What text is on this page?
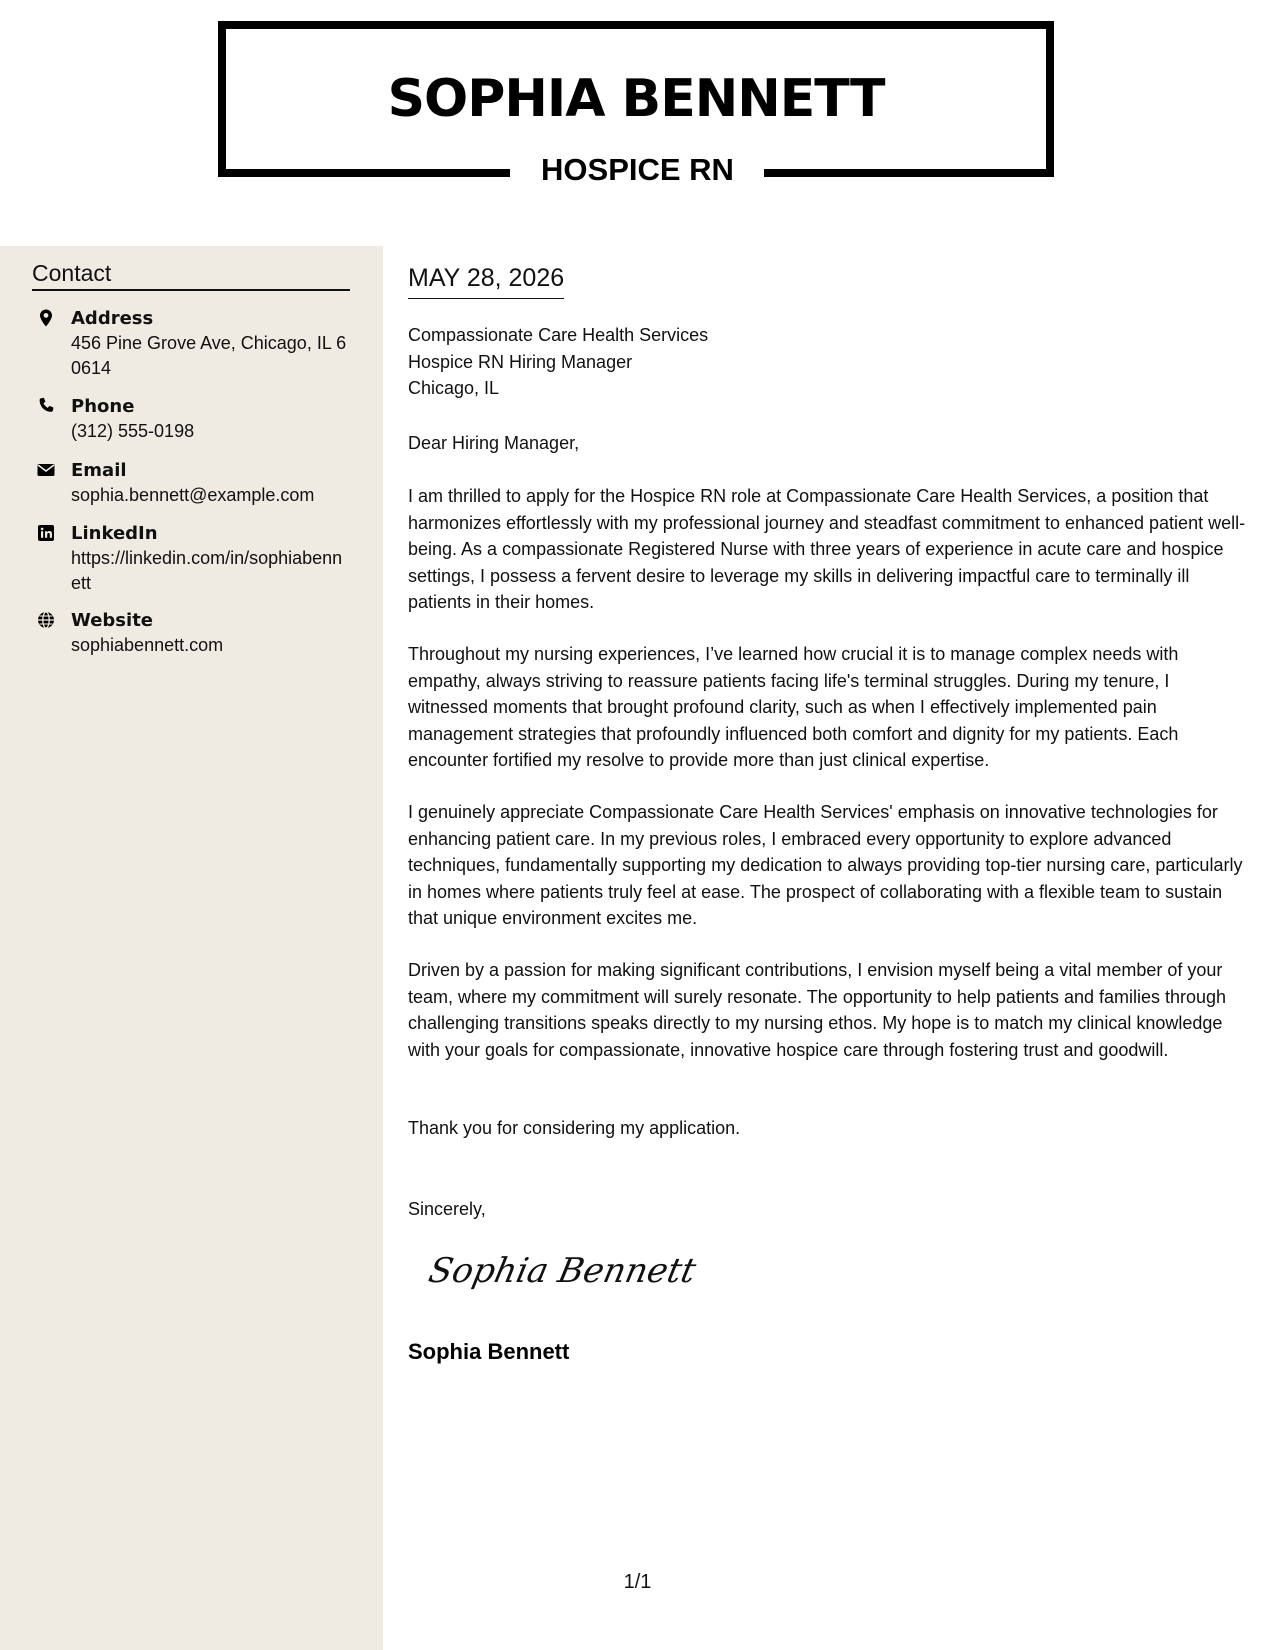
SOPHIA BENNETT
HOSPICE RN
Contact
Address
456 Pine Grove Ave, Chicago, IL 60614
Phone
(312) 555-0198
Email
sophia.bennett@example.com
LinkedIn
https://linkedin.com/in/sophiabennett
Website
sophiabennett.com
MAY 28, 2026
Compassionate Care Health Services
Hospice RN Hiring Manager
Chicago, IL
Dear Hiring Manager,
I am thrilled to apply for the Hospice RN role at Compassionate Care Health Services, a position that harmonizes effortlessly with my professional journey and steadfast commitment to enhanced patient well-being. As a compassionate Registered Nurse with three years of experience in acute care and hospice settings, I possess a fervent desire to leverage my skills in delivering impactful care to terminally ill patients in their homes.
Throughout my nursing experiences, I’ve learned how crucial it is to manage complex needs with empathy, always striving to reassure patients facing life's terminal struggles. During my tenure, I witnessed moments that brought profound clarity, such as when I effectively implemented pain management strategies that profoundly influenced both comfort and dignity for my patients. Each encounter fortified my resolve to provide more than just clinical expertise.
I genuinely appreciate Compassionate Care Health Services' emphasis on innovative technologies for enhancing patient care. In my previous roles, I embraced every opportunity to explore advanced techniques, fundamentally supporting my dedication to always providing top-tier nursing care, particularly in homes where patients truly feel at ease. The prospect of collaborating with a flexible team to sustain that unique environment excites me.
Driven by a passion for making significant contributions, I envision myself being a vital member of your team, where my commitment will surely resonate. The opportunity to help patients and families through challenging transitions speaks directly to my nursing ethos. My hope is to match my clinical knowledge with your goals for compassionate, innovative hospice care through fostering trust and goodwill.
Thank you for considering my application.
Sincerely,
Sophia Bennett
Sophia Bennett
1/1
